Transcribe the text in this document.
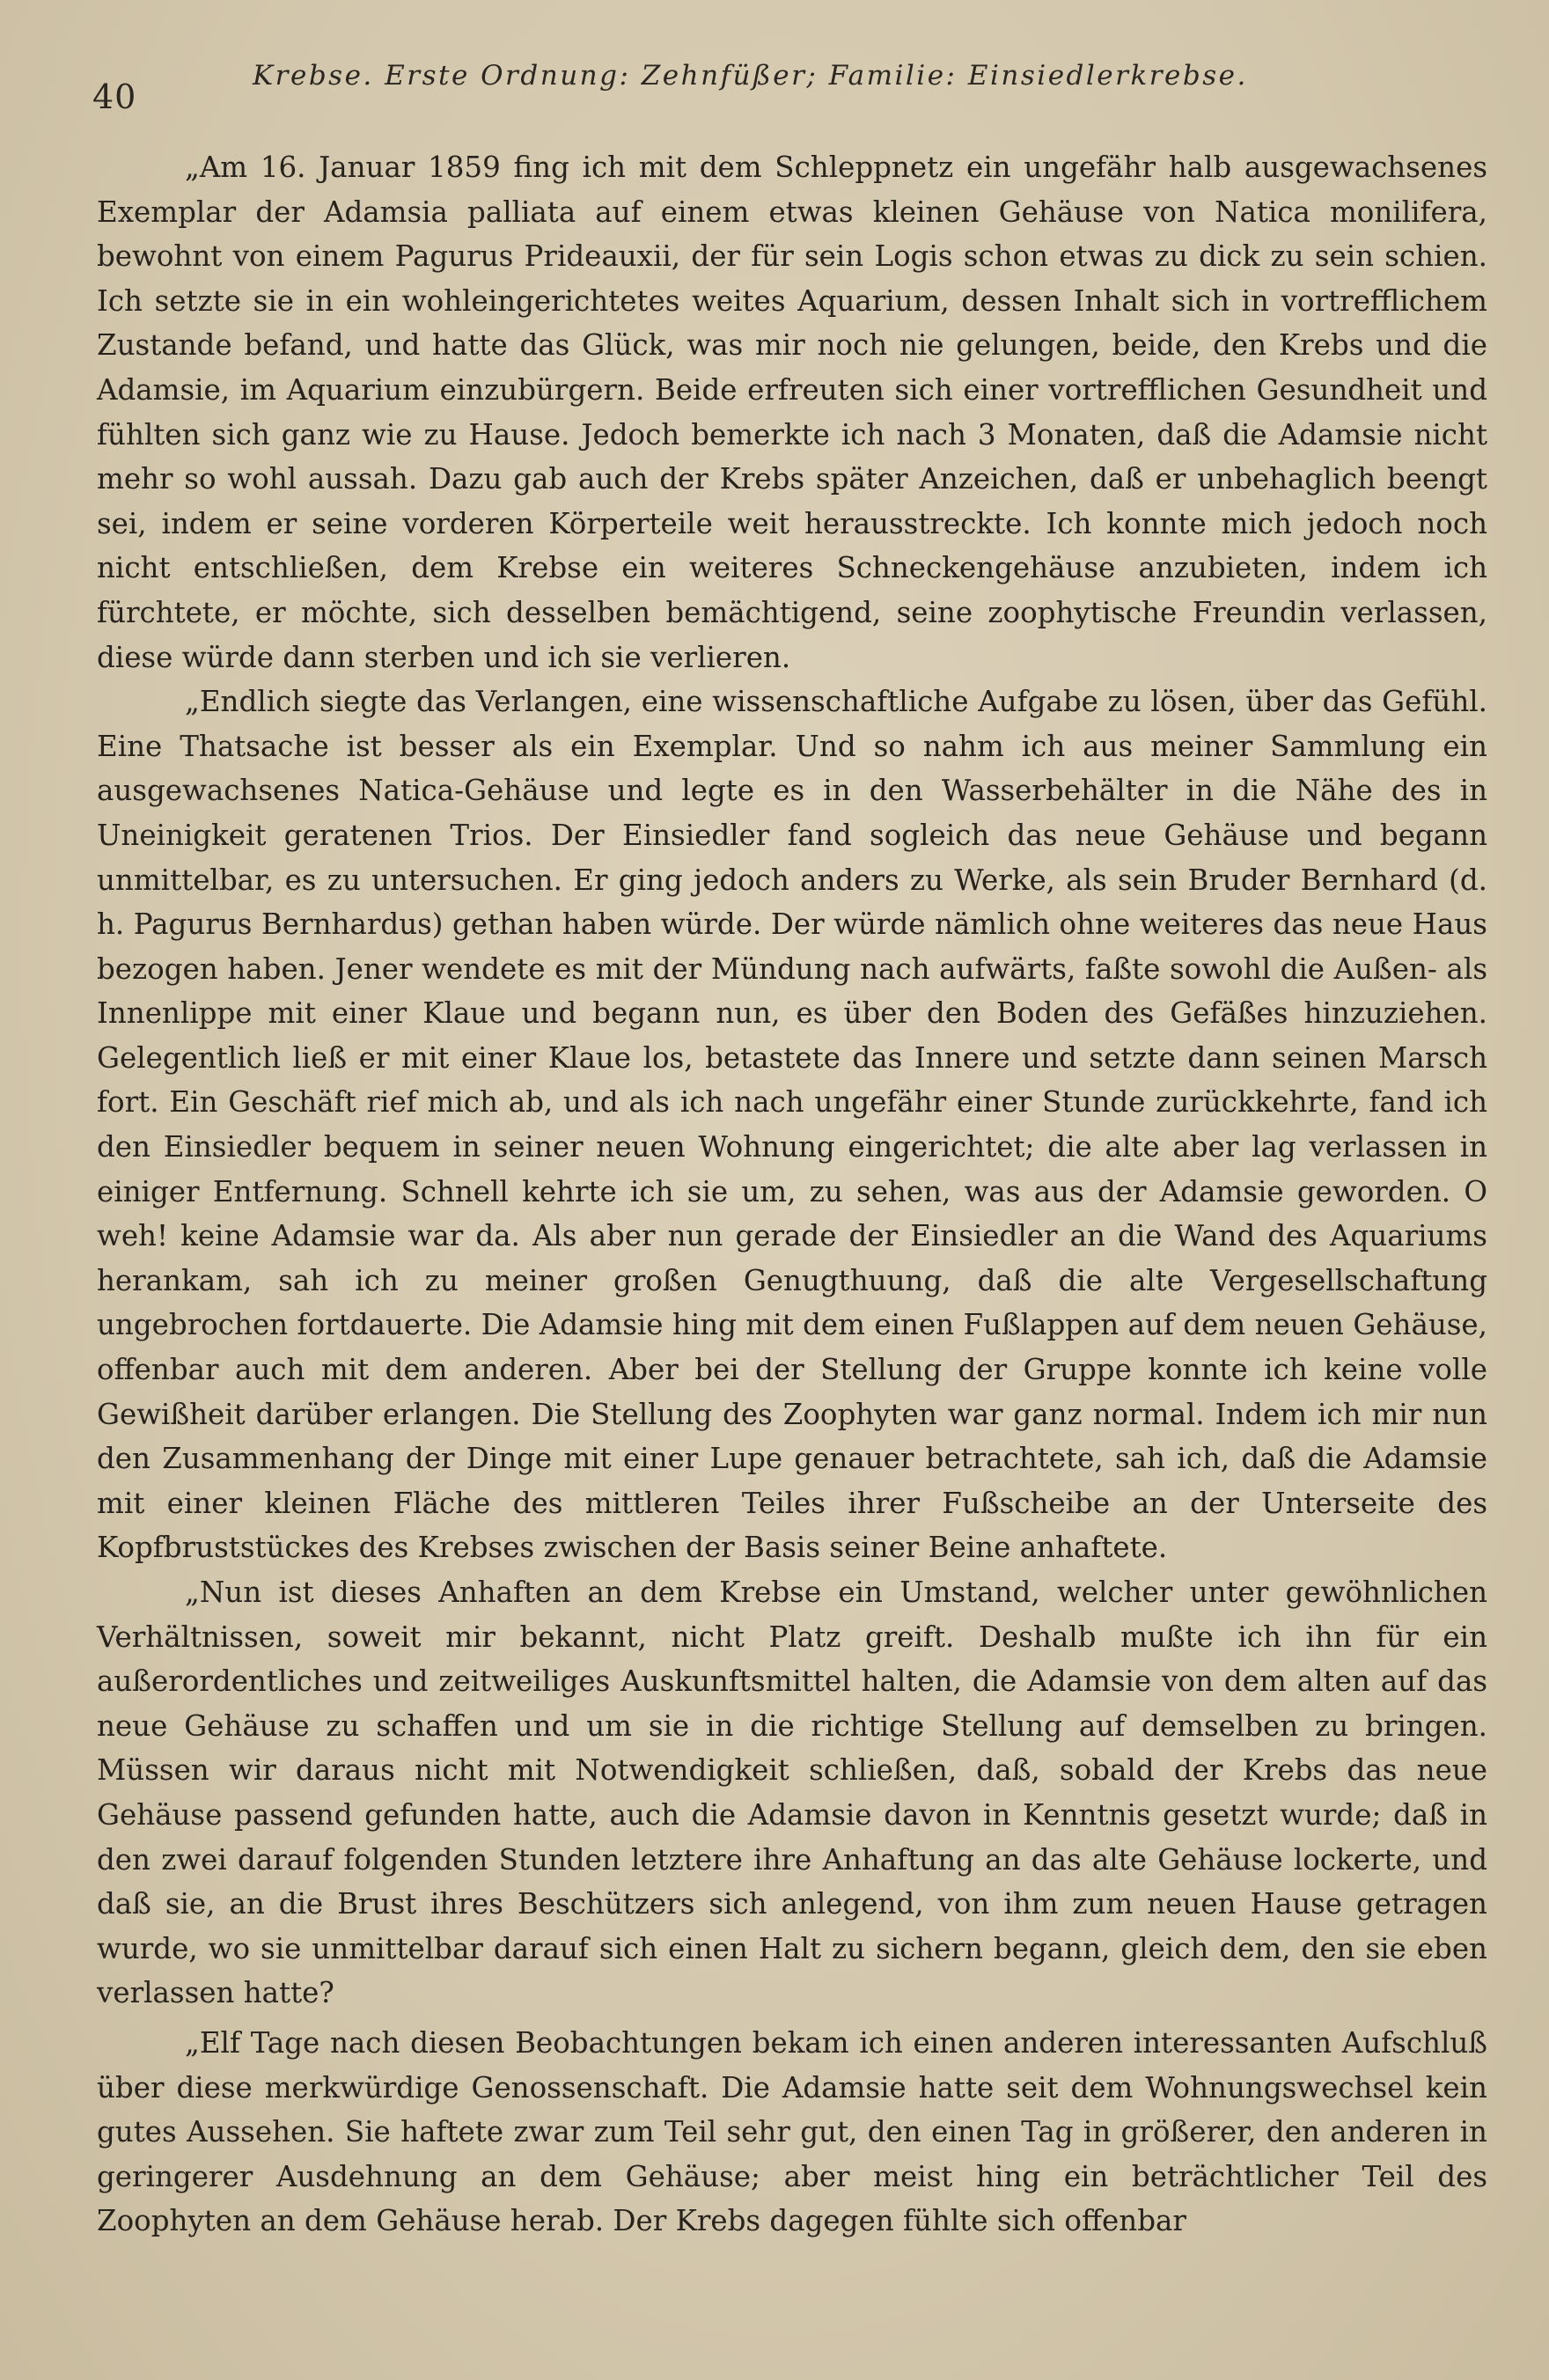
40
Krebse. Erste Ordnung: Zehnfüßer; Familie: Einsiedlerkrebse.

„Am 16. Januar 1859 fing ich mit dem Schleppnetz ein ungefähr halb ausgewachsenes Exemplar der Adamsia palliata auf einem etwas kleinen Gehäuse von Natica monilifera, bewohnt von einem Pagurus Prideauxii, der für sein Logis schon etwas zu dick zu sein schien. Ich setzte sie in ein wohleingerichtetes weites Aquarium, dessen Inhalt sich in vortrefflichem Zustande befand, und hatte das Glück, was mir noch nie gelungen, beide, den Krebs und die Adamsie, im Aquarium einzubürgern. Beide erfreuten sich einer vortrefflichen Gesundheit und fühlten sich ganz wie zu Hause. Jedoch bemerkte ich nach 3 Monaten, daß die Adamsie nicht mehr so wohl aussah. Dazu gab auch der Krebs später Anzeichen, daß er unbehaglich beengt sei, indem er seine vorderen Körperteile weit herausstreckte. Ich konnte mich jedoch noch nicht entschließen, dem Krebse ein weiteres Schneckengehäuse anzubieten, indem ich fürchtete, er möchte, sich desselben bemächtigend, seine zoophytische Freundin verlassen, diese würde dann sterben und ich sie verlieren.

„Endlich siegte das Verlangen, eine wissenschaftliche Aufgabe zu lösen, über das Gefühl. Eine Thatsache ist besser als ein Exemplar. Und so nahm ich aus meiner Sammlung ein ausgewachsenes Natica-Gehäuse und legte es in den Wasserbehälter in die Nähe des in Uneinigkeit geratenen Trios. Der Einsiedler fand sogleich das neue Gehäuse und begann unmittelbar, es zu untersuchen. Er ging jedoch anders zu Werke, als sein Bruder Bernhard (d. h. Pagurus Bernhardus) gethan haben würde. Der würde nämlich ohne weiteres das neue Haus bezogen haben. Jener wendete es mit der Mündung nach aufwärts, faßte sowohl die Außen- als Innenlippe mit einer Klaue und begann nun, es über den Boden des Gefäßes hinzuziehen. Gelegentlich ließ er mit einer Klaue los, betastete das Innere und setzte dann seinen Marsch fort. Ein Geschäft rief mich ab, und als ich nach ungefähr einer Stunde zurückkehrte, fand ich den Einsiedler bequem in seiner neuen Wohnung eingerichtet; die alte aber lag verlassen in einiger Entfernung. Schnell kehrte ich sie um, zu sehen, was aus der Adamsie geworden. O weh! keine Adamsie war da. Als aber nun gerade der Einsiedler an die Wand des Aquariums herankam, sah ich zu meiner großen Genugthuung, daß die alte Vergesellschaftung ungebrochen fortdauerte. Die Adamsie hing mit dem einen Fußlappen auf dem neuen Gehäuse, offenbar auch mit dem anderen. Aber bei der Stellung der Gruppe konnte ich keine volle Gewißheit darüber erlangen. Die Stellung des Zoophyten war ganz normal. Indem ich mir nun den Zusammenhang der Dinge mit einer Lupe genauer betrachtete, sah ich, daß die Adamsie mit einer kleinen Fläche des mittleren Teiles ihrer Fußscheibe an der Unterseite des Kopfbruststückes des Krebses zwischen der Basis seiner Beine anhaftete.

„Nun ist dieses Anhaften an dem Krebse ein Umstand, welcher unter gewöhnlichen Verhältnissen, soweit mir bekannt, nicht Platz greift. Deshalb mußte ich ihn für ein außerordentliches und zeitweiliges Auskunftsmittel halten, die Adamsie von dem alten auf das neue Gehäuse zu schaffen und um sie in die richtige Stellung auf demselben zu bringen. Müssen wir daraus nicht mit Notwendigkeit schließen, daß, sobald der Krebs das neue Gehäuse passend gefunden hatte, auch die Adamsie davon in Kenntnis gesetzt wurde; daß in den zwei darauf folgenden Stunden letztere ihre Anhaftung an das alte Gehäuse lockerte, und daß sie, an die Brust ihres Beschützers sich anlegend, von ihm zum neuen Hause getragen wurde, wo sie unmittelbar darauf sich einen Halt zu sichern begann, gleich dem, den sie eben verlassen hatte?

„Elf Tage nach diesen Beobachtungen bekam ich einen anderen interessanten Aufschluß über diese merkwürdige Genossenschaft. Die Adamsie hatte seit dem Wohnungswechsel kein gutes Aussehen. Sie haftete zwar zum Teil sehr gut, den einen Tag in größerer, den anderen in geringerer Ausdehnung an dem Gehäuse; aber meist hing ein beträchtlicher Teil des Zoophyten an dem Gehäuse herab. Der Krebs dagegen fühlte sich offenbar
